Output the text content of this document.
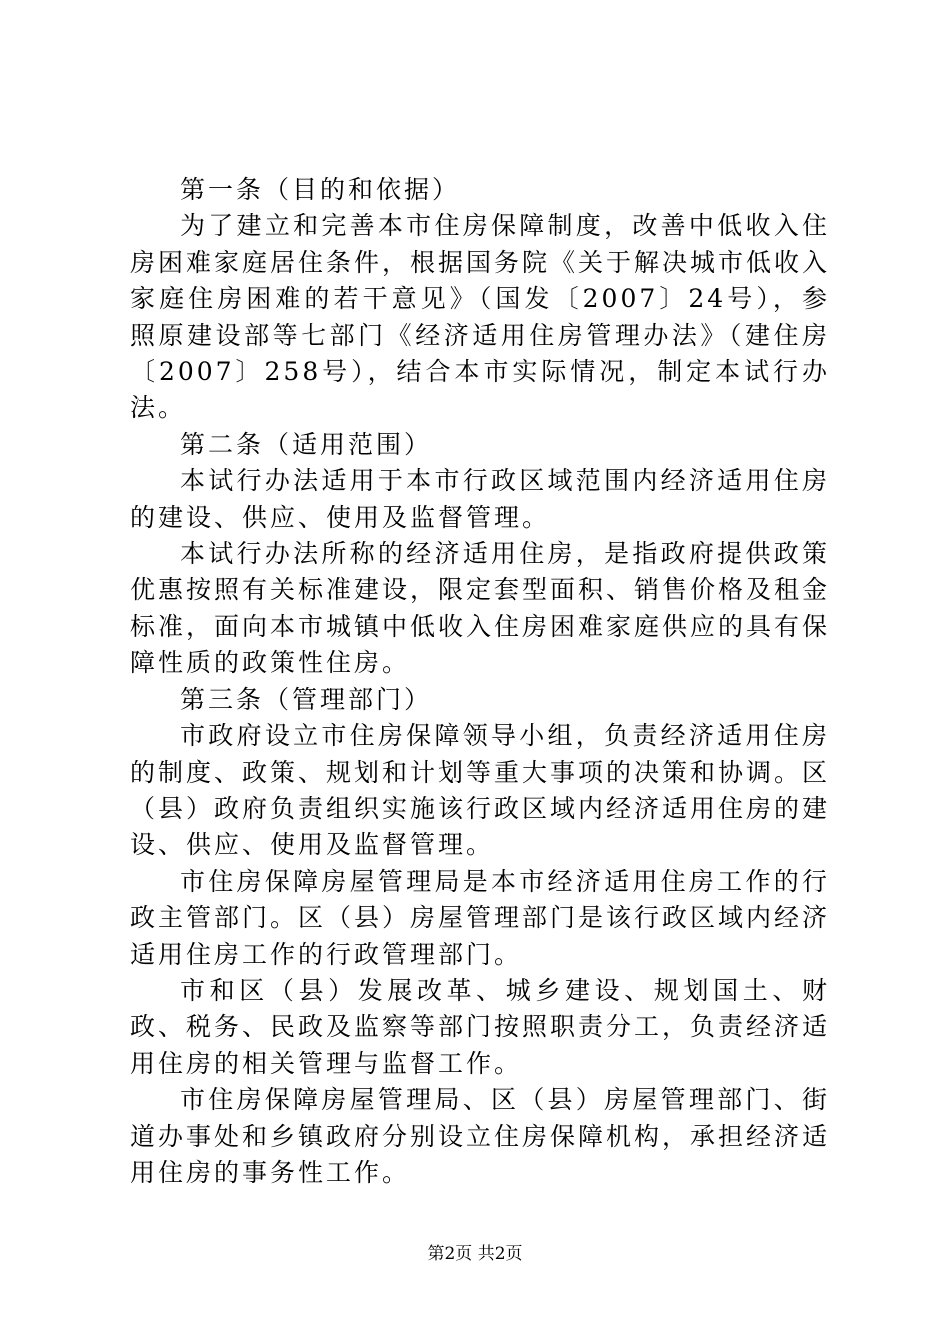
第一条（目的和依据）

为了建立和完善本市住房保障制度，改善中低收入住房困难家庭居住条件，根据国务院《关于解决城市低收入家庭住房困难的若干意见》（国发〔2007〕24号），参照原建设部等七部门《经济适用住房管理办法》（建住房〔2007〕258号），结合本市实际情况，制定本试行办法。

第二条（适用范围）

本试行办法适用于本市行政区域范围内经济适用住房的建设、供应、使用及监督管理。

本试行办法所称的经济适用住房，是指政府提供政策优惠按照有关标准建设，限定套型面积、销售价格及租金标准，面向本市城镇中低收入住房困难家庭供应的具有保障性质的政策性住房。

第三条（管理部门）

市政府设立市住房保障领导小组，负责经济适用住房的制度、政策、规划和计划等重大事项的决策和协调。区（县）政府负责组织实施该行政区域内经济适用住房的建设、供应、使用及监督管理。

市住房保障房屋管理局是本市经济适用住房工作的行政主管部门。区（县）房屋管理部门是该行政区域内经济适用住房工作的行政管理部门。

市和区（县）发展改革、城乡建设、规划国土、财政、税务、民政及监察等部门按照职责分工，负责经济适用住房的相关管理与监督工作。

市住房保障房屋管理局、区（县）房屋管理部门、街道办事处和乡镇政府分别设立住房保障机构，承担经济适用住房的事务性工作。

第2页 共2页
